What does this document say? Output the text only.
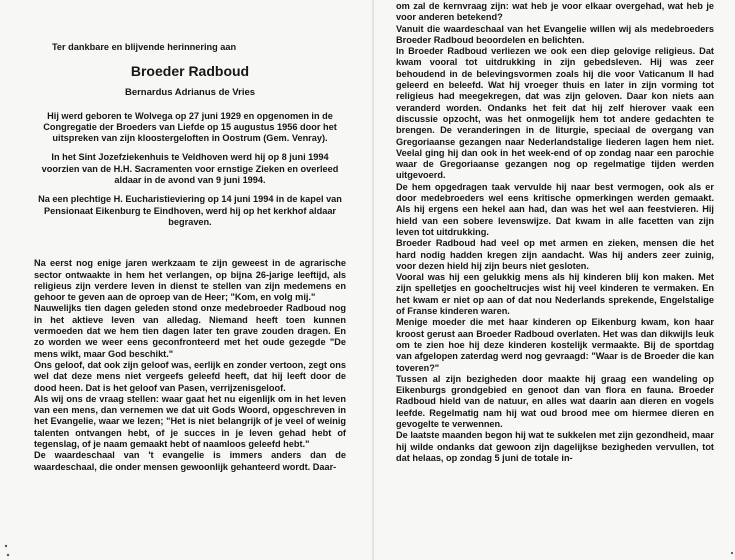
Ter dankbare en blijvende herinnering aan

Broeder Radboud

Bernardus Adrianus de Vries

Hij werd geboren te Wolvega op 27 juni 1929 en opgenomen in de Congregatie der Broeders van Liefde op 15 augustus 1956 door het uitspreken van zijn kloostergeloften in Oostrum (Gem. Venray).

In het Sint Jozefziekenhuis te Veldhoven werd hij op 8 juni 1994 voorzien van de H.H. Sacramenten voor ernstige Zieken en overleed aldaar in de avond van 9 juni 1994.

Na een plechtige H. Eucharistieviering op 14 juni 1994 in de kapel van Pensionaat Eikenburg te Eindhoven, werd hij op het kerkhof aldaar begraven.

Na eerst nog enige jaren werkzaam te zijn geweest in de agrarische sector ontwaakte in hem het verlangen, op bijna 26-jarige leeftijd, als religieus zijn verdere leven in dienst te stellen van zijn medemens en gehoor te geven aan de oproep van de Heer; "Kom, en volg mij."

Nauwelijks tien dagen geleden stond onze medebroeder Radboud nog in het aktieve leven van alledag. Niemand heeft toen kunnen vermoeden dat we hem tien dagen later ten grave zouden dragen. En zo worden we weer eens geconfronteerd met het oude gezegde "De mens wikt, maar God beschikt."

Ons geloof, dat ook zijn geloof was, eerlijk en zonder vertoon, zegt ons wel dat deze mens niet vergeefs geleefd heeft, dat hij leeft door de dood heen. Dat is het geloof van Pasen, verrijzenisgeloof.

Als wij ons de vraag stellen: waar gaat het nu eigenlijk om in het leven van een mens, dan vernemen we dat uit Gods Woord, opgeschreven in het Evangelie, waar we lezen; "Het is niet belangrijk of je veel of weinig talenten ontvangen hebt, of je succes in je leven gehad hebt of tegenslag, of je naam gemaakt hebt of naamloos geleefd hebt."

De waardeschaal van 't evangelie is immers anders dan de waardeschaal, die onder mensen gewoonlijk gehanteerd wordt. Daar-

om zal de kernvraag zijn: wat heb je voor elkaar overgehad, wat heb je voor anderen betekend?

Vanuit die waardeschaal van het Evangelie willen wij als medebroeders Broeder Radboud beoordelen en belichten.

In Broeder Radboud verliezen we ook een diep gelovige religieus. Dat kwam vooral tot uitdrukking in zijn gebedsleven. Hij was zeer behoudend in de belevingsvormen zoals hij die voor Vaticanum II had geleerd en beleefd. Wat hij vroeger thuis en later in zijn vorming tot religieus had meegekregen, dat was zijn geloven. Daar kon niets aan veranderd worden. Ondanks het feit dat hij zelf hierover vaak een discussie opzocht, was het onmogelijk hem tot andere gedachten te brengen. De veranderingen in de liturgie, speciaal de overgang van Gregoriaanse gezangen naar Nederlandstalige liederen lagen hem niet. Veelal ging hij dan ook in het week-end of op zondag naar een parochie waar de Gregoriaanse gezangen nog op regelmatige tijden werden uitgevoerd.

De hem opgedragen taak vervulde hij naar best vermogen, ook als er door medebroeders wel eens kritische opmerkingen werden gemaakt. Als hij ergens een hekel aan had, dan was het wel aan feestvieren. Hij hield van een sobere levenswijze. Dat kwam in alle facetten van zijn leven tot uitdrukking.

Broeder Radboud had veel op met armen en zieken, mensen die het hard nodig hadden kregen zijn aandacht. Was hij anders zeer zuinig, voor dezen hield hij zijn beurs niet gesloten.

Vooral was hij een gelukkig mens als hij kinderen blij kon maken. Met zijn spelletjes en goocheltrucjes wist hij veel kinderen te vermaken. En het kwam er niet op aan of dat nou Nederlands sprekende, Engelstalige of Franse kinderen waren.

Menige moeder die met haar kinderen op Eikenburg kwam, kon haar kroost gerust aan Broeder Radboud overlaten. Het was dan dikwijls leuk om te zien hoe hij deze kinderen kostelijk vermaakte. Bij de sportdag van afgelopen zaterdag werd nog gevraagd: "Waar is de Broeder die kan toveren?"

Tussen al zijn bezigheden door maakte hij graag een wandeling op Eikenburgs grondgebied en genoot dan van flora en fauna. Broeder Radboud hield van de natuur, en alles wat daarin aan dieren en vogels leefde. Regelmatig nam hij wat oud brood mee om hiermee dieren en gevogelte te verwennen.

De laatste maanden begon hij wat te sukkelen met zijn gezondheid, maar hij wilde ondanks dat gewoon zijn dagelijkse bezigheden vervullen, tot dat helaas, op zondag 5 juni de totale in-
